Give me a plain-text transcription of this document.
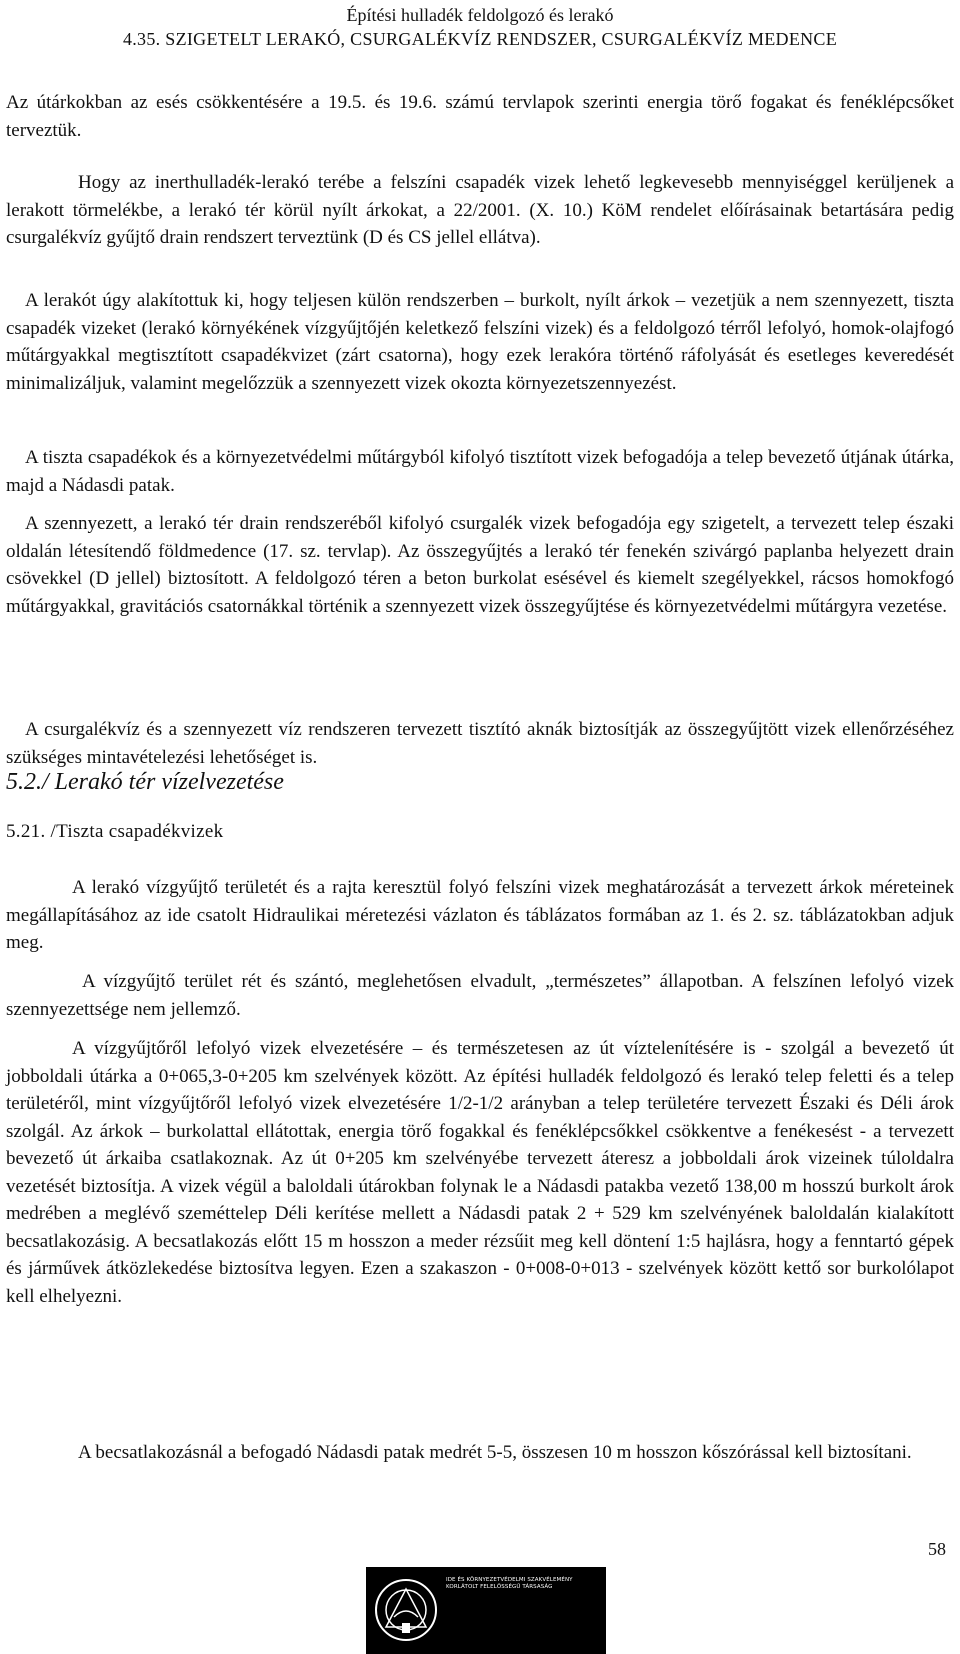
Építési hulladék feldolgozó és lerakó
4.35. SZIGETELT LERAKÓ, CSURGALÉKVÍZ RENDSZER, CSURGALÉKVÍZ MEDENCE

Az útárkokban az esés csökkentésére a 19.5. és 19.6. számú tervlapok szerinti energia törő fogakat és fenéklépcsőket terveztük.

Hogy az inerthulladék-lerakó terébe a felszíni csapadék vizek lehető legkevesebb mennyiséggel kerüljenek a lerakott törmelékbe, a lerakó tér körül nyílt árkokat, a 22/2001. (X. 10.) KöM rendelet előírásainak betartására pedig csurgalékvíz gyűjtő drain rendszert terveztünk (D és CS jellel ellátva).

A lerakót úgy alakítottuk ki, hogy teljesen külön rendszerben – burkolt, nyílt árkok – vezetjük a nem szennyezett, tiszta csapadék vizeket (lerakó környékének vízgyűjtőjén keletkező felszíni vizek) és a feldolgozó térről lefolyó, homok-olajfogó műtárgyakkal megtisztított csapadékvizet (zárt csatorna), hogy ezek lerakóra történő ráfolyását és esetleges keveredését minimalizáljuk, valamint megelőzzük a szennyezett vizek okozta környezetszennyezést.

A tiszta csapadékok és a környezetvédelmi műtárgyból kifolyó tisztított vizek befogadója a telep bevezető útjának útárka, majd a Nádasdi patak.

A szennyezett, a lerakó tér drain rendszeréből kifolyó csurgalék vizek befogadója egy szigetelt, a tervezett telep északi oldalán létesítendő földmedence (17. sz. tervlap). Az összegyűjtés a lerakó tér fenekén szivárgó paplanba helyezett drain csövekkel (D jellel) biztosított. A feldolgozó téren a beton burkolat esésével és kiemelt szegélyekkel, rácsos homokfogó műtárgyakkal, gravitációs csatornákkal történik a szennyezett vizek összegyűjtése és környezetvédelmi műtárgyra vezetése.

A csurgalékvíz és a szennyezett víz rendszeren tervezett tisztító aknák biztosítják az összegyűjtött vizek ellenőrzéséhez szükséges mintavételezési lehetőséget is.

5.2./ Lerakó tér vízelvezetése
5.21. /Tiszta csapadékvizek

A lerakó vízgyűjtő területét és a rajta keresztül folyó felszíni vizek meghatározását a tervezett árkok méreteinek megállapításához az ide csatolt Hidraulikai méretezési vázlaton és táblázatos formában az 1. és 2. sz. táblázatokban adjuk meg.

A vízgyűjtő terület rét és szántó, meglehetősen elvadult, „természetes” állapotban. A felszínen lefolyó vizek szennyezettsége nem jellemző.

A vízgyűjtőről lefolyó vizek elvezetésére – és természetesen az út víztelenítésére is - szolgál a bevezető út jobboldali útárka a 0+065,3-0+205 km szelvények között. Az építési hulladék feldolgozó és lerakó telep feletti és a telep területéről, mint vízgyűjtőről lefolyó vizek elvezetésére 1/2-1/2 arányban a telep területére tervezett Északi és Déli árok szolgál. Az árkok – burkolattal ellátottak, energia törő fogakkal és fenéklépcsőkkel csökkentve a fenékesést - a tervezett bevezető út árkaiba csatlakoznak. Az út 0+205 km szelvényébe tervezett áteresz a jobboldali árok vizeinek túloldalra vezetését biztosítja. A vizek végül a baloldali útárokban folynak le a Nádasdi patakba vezető 138,00 m hosszú burkolt árok medrében a meglévő szeméttelep Déli kerítése mellett a Nádasdi patak 2 + 529 km szelvényének baloldalán kialakított becsatlakozásig. A becsatlakozás előtt 15 m hosszon a meder rézsűit meg kell döntení 1:5 hajlásra, hogy a fenntartó gépek és járművek átközlekedése biztosítva legyen. Ezen a szakaszon - 0+008-0+013 - szelvények között kettő sor burkolólapot kell elhelyezni.

A becsatlakozásnál a befogadó Nádasdi patak medrét 5-5, összesen 10 m hosszon kőszórással kell biztosítani.

58
IDE ÉS KÖRNYEZETVÉDELMI SZAKVÉLEMÉNY KORLÁTOLT FELELŐSSÉGŰ TÁRSASÁG
